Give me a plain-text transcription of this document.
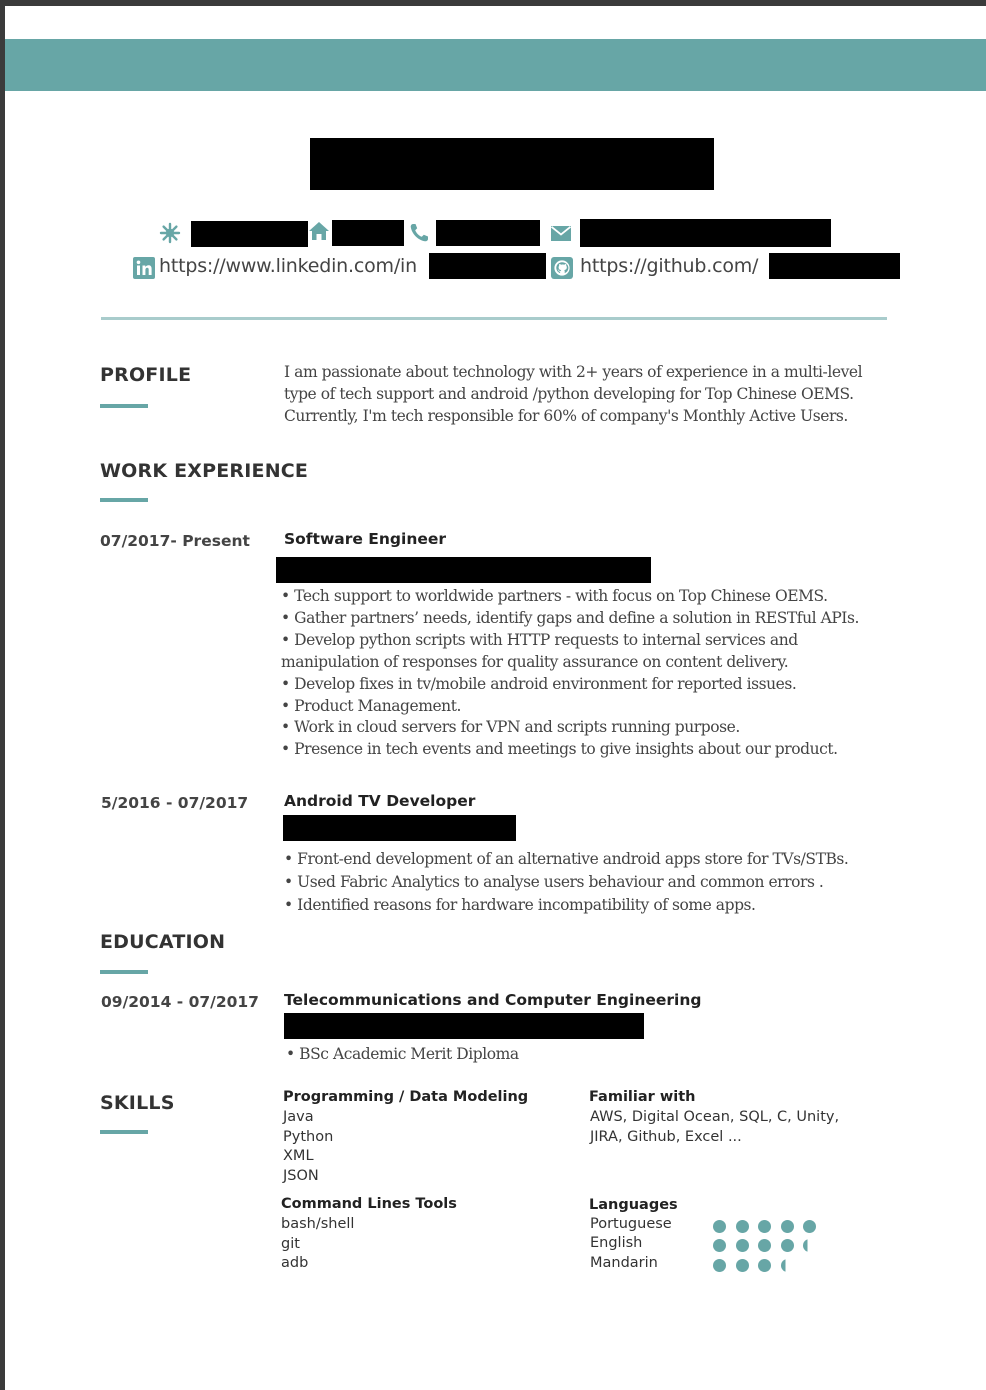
https://www.linkedin.com/in	https://github.com/
PROFILE	I am passionate about technology with 2+ years of experience in a multi-level
type of tech support and android /python developing for Top Chinese OEMS.
Currently, I'm tech responsible for 60% of company's Monthly Active Users.
WORK EXPERIENCE
07/2017- Present Software Engineer
• Tech support to worldwide partners - with focus on Top Chinese OEMS.
• Gather partners’ needs, identify gaps and define a solution in RESTful APIs.
• Develop python scripts with HTTP requests to internal services and
manipulation of responses for quality assurance on content delivery.
• Develop fixes in tv/mobile android environment for reported issues.
• Product Management.
• Work in cloud servers for VPN and scripts running purpose.
• Presence in tech events and meetings to give insights about our product.
5/2016 - 07/2017 Android TV Developer
• Front-end development of an alternative android apps store for TVs/STBs.
• Used Fabric Analytics to analyse users behaviour and common errors .
• Identified reasons for hardware incompatibility of some apps.
EDUCATION
09/2014 - 07/2017 Telecommunications and Computer Engineering
• BSc Academic Merit Diploma
SKILLS	Programming / Data Modeling
Java
Python
XML
JSON
Familiar with
AWS, Digital Ocean, SQL, C, Unity,
JIRA, Github, Excel ...
Command Lines Tools
bash/shell
git
adb
Languages
Portuguese
English
Mandarin
